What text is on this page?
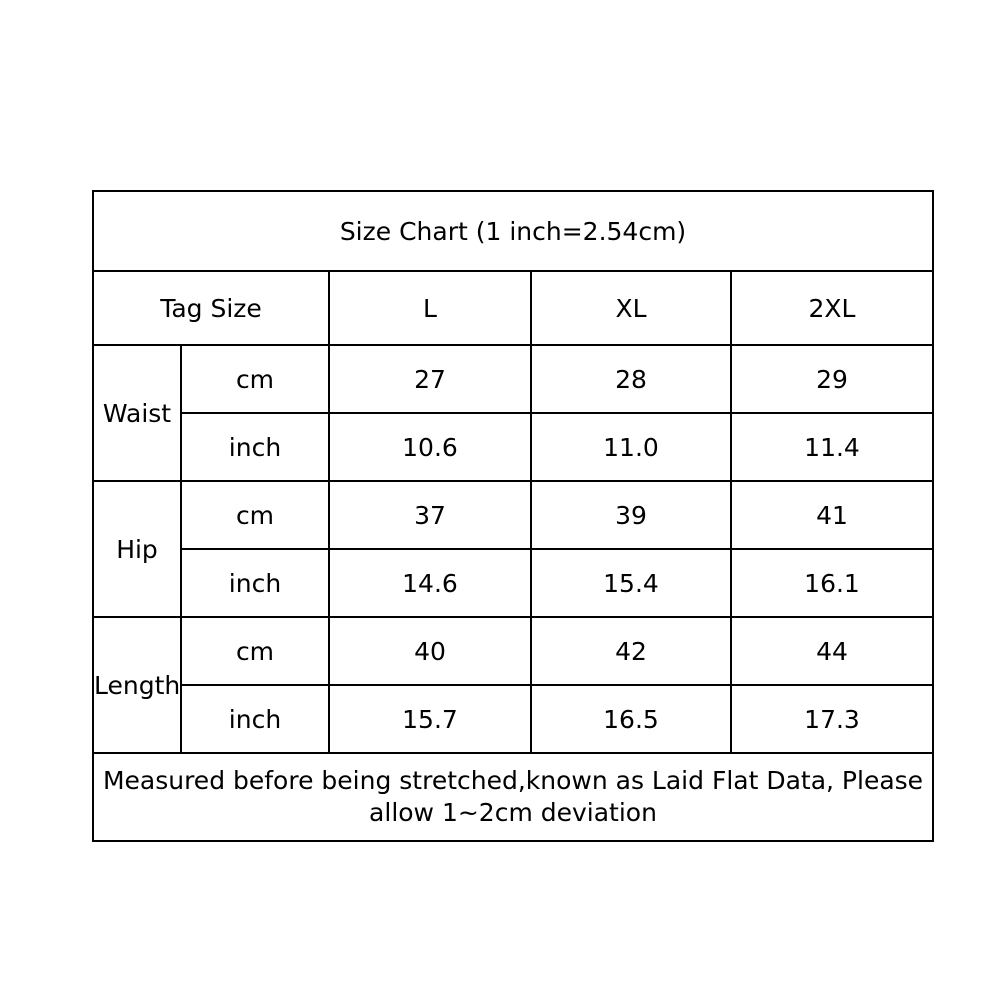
Size Chart (1 inch=2.54cm)				
Tag Size		L	XL	2XL
Waist	cm	27	28	29
	inch	10.6	11.0	11.4
Hip	cm	37	39	41
	inch	14.6	15.4	16.1
Length	cm	40	42	44
	inch	15.7	16.5	17.3
Measured before being stretched,known as Laid Flat Data, Please allow 1~2cm deviation				
